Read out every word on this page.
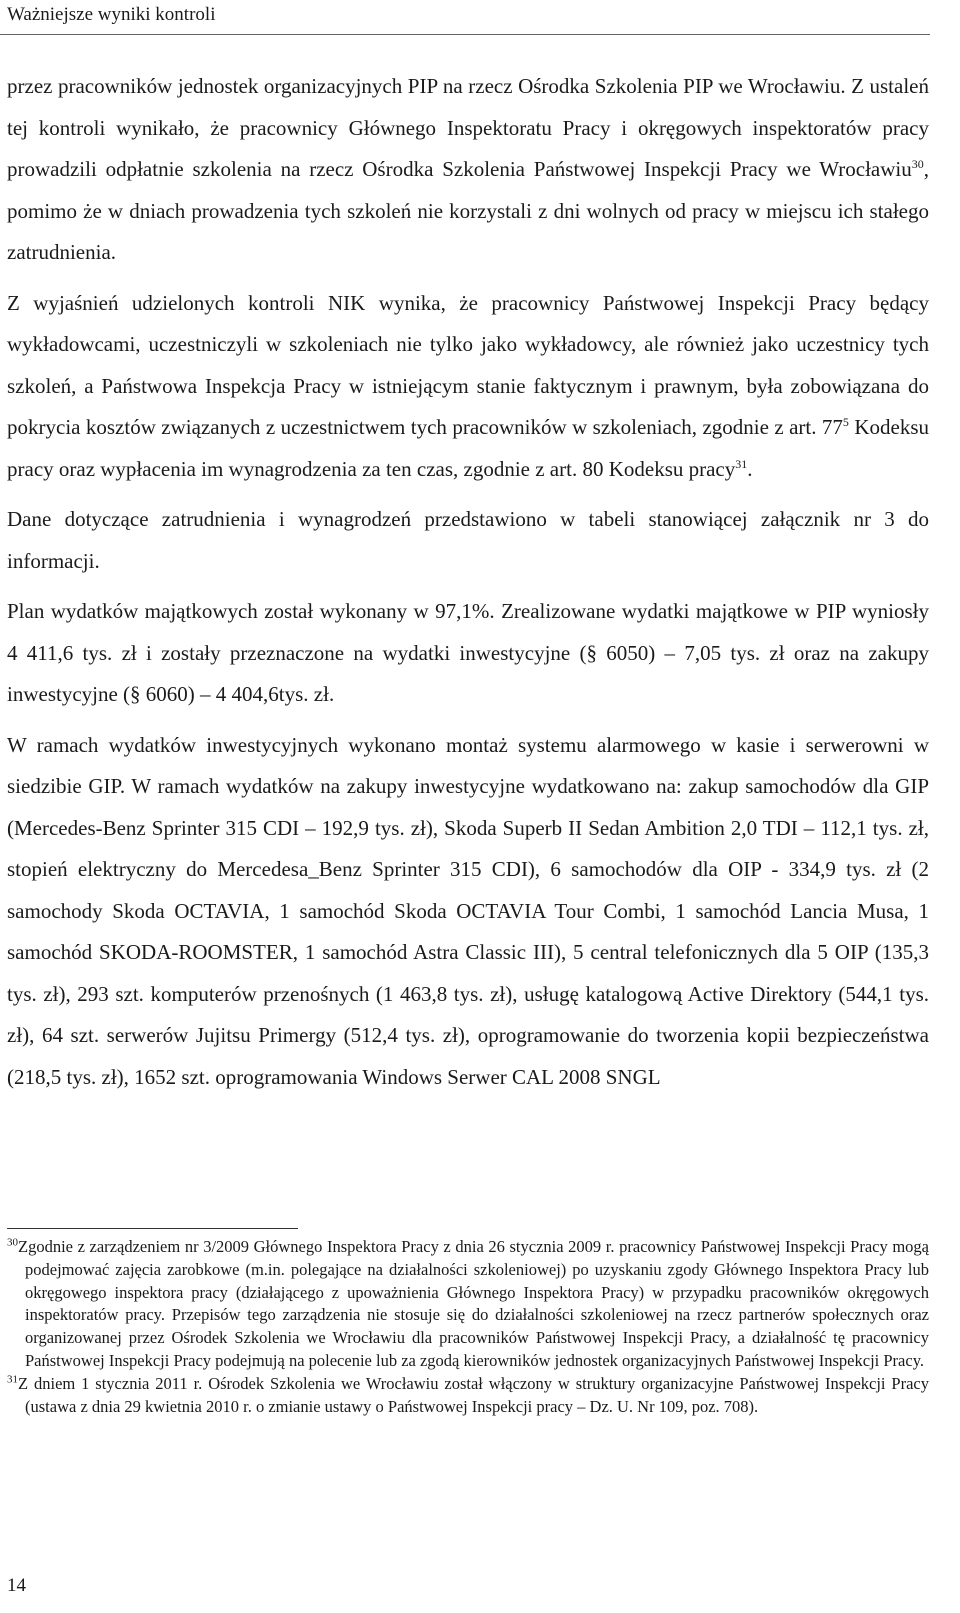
Ważniejsze wyniki kontroli

przez pracowników jednostek organizacyjnych PIP na rzecz Ośrodka Szkolenia PIP we Wrocławiu. Z ustaleń tej kontroli wynikało, że pracownicy Głównego Inspektoratu Pracy i okręgowych inspektoratów pracy prowadzili odpłatnie szkolenia na rzecz Ośrodka Szkolenia Państwowej Inspekcji Pracy we Wrocławiu$^{30}$, pomimo że w dniach prowadzenia tych szkoleń nie korzystali z dni wolnych od pracy w miejscu ich stałego zatrudnienia.

Z wyjaśnień udzielonych kontroli NIK wynika, że pracownicy Państwowej Inspekcji Pracy będący wykładowcami, uczestniczyli w szkoleniach nie tylko jako wykładowcy, ale również jako uczestnicy tych szkoleń, a Państwowa Inspekcja Pracy w istniejącym stanie faktycznym i prawnym, była zobowiązana do pokrycia kosztów związanych z uczestnictwem tych pracowników w szkoleniach, zgodnie z art. $77^5$ Kodeksu pracy oraz wypłacenia im wynagrodzenia za ten czas, zgodnie z art. 80 Kodeksu pracy$^{31}$.

Dane dotyczące zatrudnienia i wynagrodzeń przedstawiono w tabeli stanowiącej załącznik nr 3 do informacji.

Plan wydatków majątkowych został wykonany w 97,1%. Zrealizowane wydatki majątkowe w PIP wyniosły 4 411,6 tys. zł i zostały przeznaczone na wydatki inwestycyjne (§ 6050) – 7,05 tys. zł oraz na zakupy inwestycyjne (§ 6060) – 4 404,6tys. zł.

W ramach wydatków inwestycyjnych wykonano montaż systemu alarmowego w kasie i serwerowni w siedzibie GIP. W ramach wydatków na zakupy inwestycyjne wydatkowano na: zakup samochodów dla GIP (Mercedes-Benz Sprinter 315 CDI – 192,9 tys. zł), Skoda Superb II Sedan Ambition 2,0 TDI – 112,1 tys. zł, stopień elektryczny do Mercedesa_Benz Sprinter 315 CDI), 6 samochodów dla OIP - 334,9 tys. zł (2 samochody Skoda OCTAVIA, 1 samochód Skoda OCTAVIA Tour Combi, 1 samochód Lancia Musa, 1 samochód SKODA-ROOMSTER, 1 samochód Astra Classic III), 5 central telefonicznych dla 5 OIP (135,3 tys. zł), 293 szt. komputerów przenośnych (1 463,8 tys. zł), usługę katalogową Active Direktory (544,1 tys. zł), 64 szt. serwerów Jujitsu Primergy (512,4 tys. zł), oprogramowanie do tworzenia kopii bezpieczeństwa (218,5 tys. zł), 1652 szt. oprogramowania Windows Serwer CAL 2008 SNGL

$^{30}$Zgodnie z zarządzeniem nr 3/2009 Głównego Inspektora Pracy z dnia 26 stycznia 2009 r. pracownicy Państwowej Inspekcji Pracy mogą podejmować zajęcia zarobkowe (m.in. polegające na działalności szkoleniowej) po uzyskaniu zgody Głównego Inspektora Pracy lub okręgowego inspektora pracy (działającego z upoważnienia Głównego Inspektora Pracy) w przypadku pracowników okręgowych inspektoratów pracy. Przepisów tego zarządzenia nie stosuje się do działalności szkoleniowej na rzecz partnerów społecznych oraz organizowanej przez Ośrodek Szkolenia we Wrocławiu dla pracowników Państwowej Inspekcji Pracy, a działalność tę pracownicy Państwowej Inspekcji Pracy podejmują na polecenie lub za zgodą kierowników jednostek organizacyjnych Państwowej Inspekcji Pracy.

$^{31}$Z dniem 1 stycznia 2011 r. Ośrodek Szkolenia we Wrocławiu został włączony w struktury organizacyjne Państwowej Inspekcji Pracy (ustawa z dnia 29 kwietnia 2010 r. o zmianie ustawy o Państwowej Inspekcji pracy – Dz. U. Nr 109, poz. 708).

14
